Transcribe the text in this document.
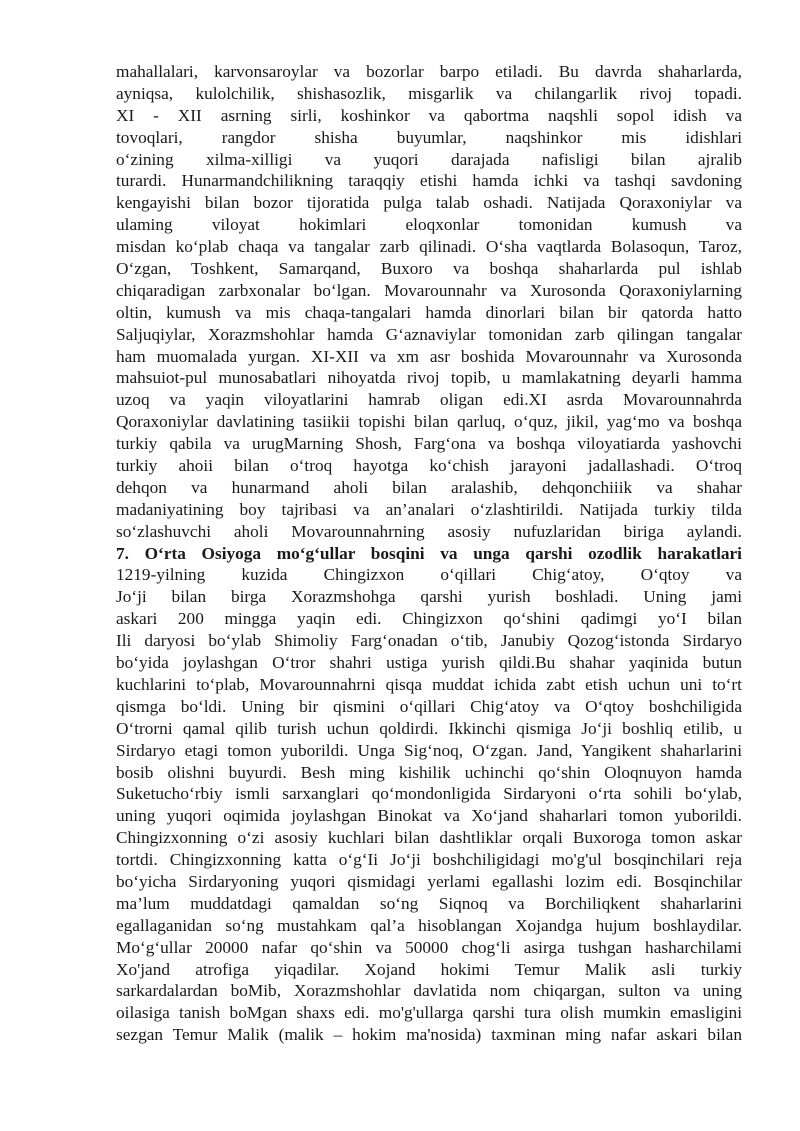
mahallalari, karvonsaroylar va bozorlar barpo etiladi. Bu davrda shaharlarda,
ayniqsa, kulolchilik, shishasozlik, misgarlik va chilangarlik rivoj topadi.
XI - XII asrning sirli, koshinkor va qabortma naqshli sopol idish va
tovoqlari, rangdor shisha buyumlar, naqshinkor mis idishlari
oʻzining xilma-xilligi va yuqori darajada nafisligi bilan ajralib
turardi. Hunarmandchilikning taraqqiy etishi hamda ichki va tashqi savdoning
kengayishi bilan bozor tijoratida pulga talab oshadi. Natijada Qoraxoniylar va
ulaming viloyat hokimlari eloqxonlar tomonidan kumush va
misdan koʻplab chaqa va tangalar zarb qilinadi. Oʻsha vaqtlarda Bolasoqun, Taroz,
Oʻzgan, Toshkent, Samarqand, Buxoro va boshqa shaharlarda pul ishlab
chiqaradigan zarbxonalar boʻlgan. Movarounnahr va Xurosonda Qoraxoniylarning
oltin, kumush va mis chaqa-tangalari hamda dinorlari bilan bir qatorda hatto
Saljuqiylar, Xorazmshohlar hamda Gʻaznaviylar tomonidan zarb qilingan tangalar
ham muomalada yurgan. XI-XII va xm asr boshida Movarounnahr va Xurosonda
mahsuiot-pul munosabatlari nihoyatda rivoj topib, u mamlakatning deyarli hamma
uzoq va yaqin viloyatlarini hamrab oligan edi.XI asrda Movarounnahrda
Qoraxoniylar davlatining tasiikii topishi bilan qarluq, oʻquz, jikil, yagʻmo va boshqa
turkiy qabila va urugMarning Shosh, Fargʻona va boshqa viloyatiarda yashovchi
turkiy ahoii bilan oʻtroq hayotga koʻchish jarayoni jadallashadi. Oʻtroq
dehqon va hunarmand aholi bilan aralashib, dehqonchiiik va shahar
madaniyatining boy tajribasi va an’analari oʻzlashtirildi. Natijada turkiy tilda
soʻzlashuvchi aholi Movarounnahrning asosiy nufuzlaridan biriga aylandi.
7. Oʻrta Osiyoga moʻgʻullar bosqini va unga qarshi ozodlik harakatlari
1219-yilning kuzida Chingizxon oʻqillari Chigʻatoy, Oʻqtoy va
Joʻji bilan birga Xorazmshohga qarshi yurish boshladi. Uning jami
askari 200 mingga yaqin edi. Chingizxon qoʻshini qadimgi yoʻI bilan
Ili daryosi boʻylab Shimoliy Fargʻonadan oʻtib, Janubiy Qozogʻistonda Sirdaryo
boʻyida joylashgan Oʻtror shahri ustiga yurish qildi.Bu shahar yaqinida butun
kuchlarini toʻplab, Movarounnahrni qisqa muddat ichida zabt etish uchun uni toʻrt
qismga boʻldi. Uning bir qismini oʻqillari Chigʻatoy va Oʻqtoy boshchiligida
Oʻtrorni qamal qilib turish uchun qoldirdi. Ikkinchi qismiga Joʻji boshliq etilib, u
Sirdaryo etagi tomon yuborildi. Unga Sigʻnoq, Oʻzgan. Jand, Yangikent shaharlarini
bosib olishni buyurdi. Besh ming kishilik uchinchi qoʻshin Oloqnuyon hamda
Suketuchoʻrbiy ismli sarxanglari qoʻmondonligida Sirdaryoni oʻrta sohili boʻylab,
uning yuqori oqimida joylashgan Binokat va Xoʻjand shaharlari tomon yuborildi.
Chingizxonning oʻzi asosiy kuchlari bilan dashtliklar orqali Buxoroga tomon askar
tortdi. Chingizxonning katta oʻgʻIi Joʻji boshchiligidagi mo'g'ul bosqinchilari reja
boʻyicha Sirdaryoning yuqori qismidagi yerlami egallashi lozim edi. Bosqinchilar
ma’lum muddatdagi qamaldan soʻng Siqnoq va Borchiliqkent shaharlarini
egallaganidan soʻng mustahkam qal’a hisoblangan Xojandga hujum boshlaydilar.
Moʻgʻullar 20000 nafar qoʻshin va 50000 chogʻli asirga tushgan hasharchilami
Xo'jand atrofiga yiqadilar. Xojand hokimi Temur Malik asli turkiy
sarkardalardan boMib, Xorazmshohlar davlatida nom chiqargan, sulton va uning
oilasiga tanish boMgan shaxs edi. mo'g'ullarga qarshi tura olish mumkin emasligini
sezgan Temur Malik (malik – hokim ma'nosida) taxminan ming nafar askari bilan
